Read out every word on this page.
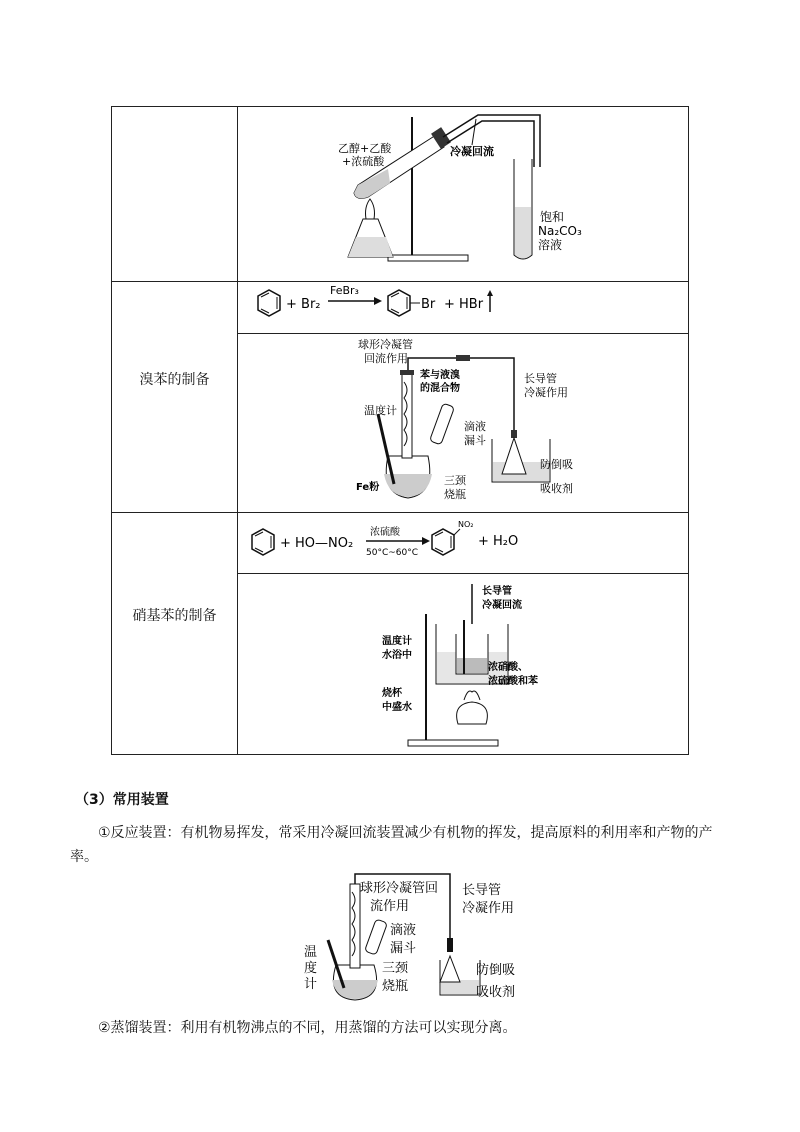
溴苯的制备
硝基苯的制备
乙醇+乙酸
+浓硫酸
冷凝回流
饱和
Na₂CO₃
溶液
+ Br₂
FeBr₃
Br + HBr
球形冷凝管
回流作用
苯与液溴
的混合物
长导管
冷凝作用
温度计
滴液
漏斗
防倒吸
三颈
烧瓶	吸收剂
Fe粉
+ HO—NO₂
浓硫酸
50°C~60°C
NO₂
+ H₂O
长导管
冷凝回流
温度计
水浴中
浓硝酸、
浓硫酸和苯
烧杯
中盛水
（3）常用装置
①反应装置：有机物易挥发，常采用冷凝回流装置减少有机物的挥发，提高原料的利用率和产物的产率。
球形冷凝管回
流作用
长导管
冷凝作用
滴液
漏斗
温
度
计
三颈
烧瓶
防倒吸
吸收剂
②蒸馏装置：利用有机物沸点的不同，用蒸馏的方法可以实现分离。
